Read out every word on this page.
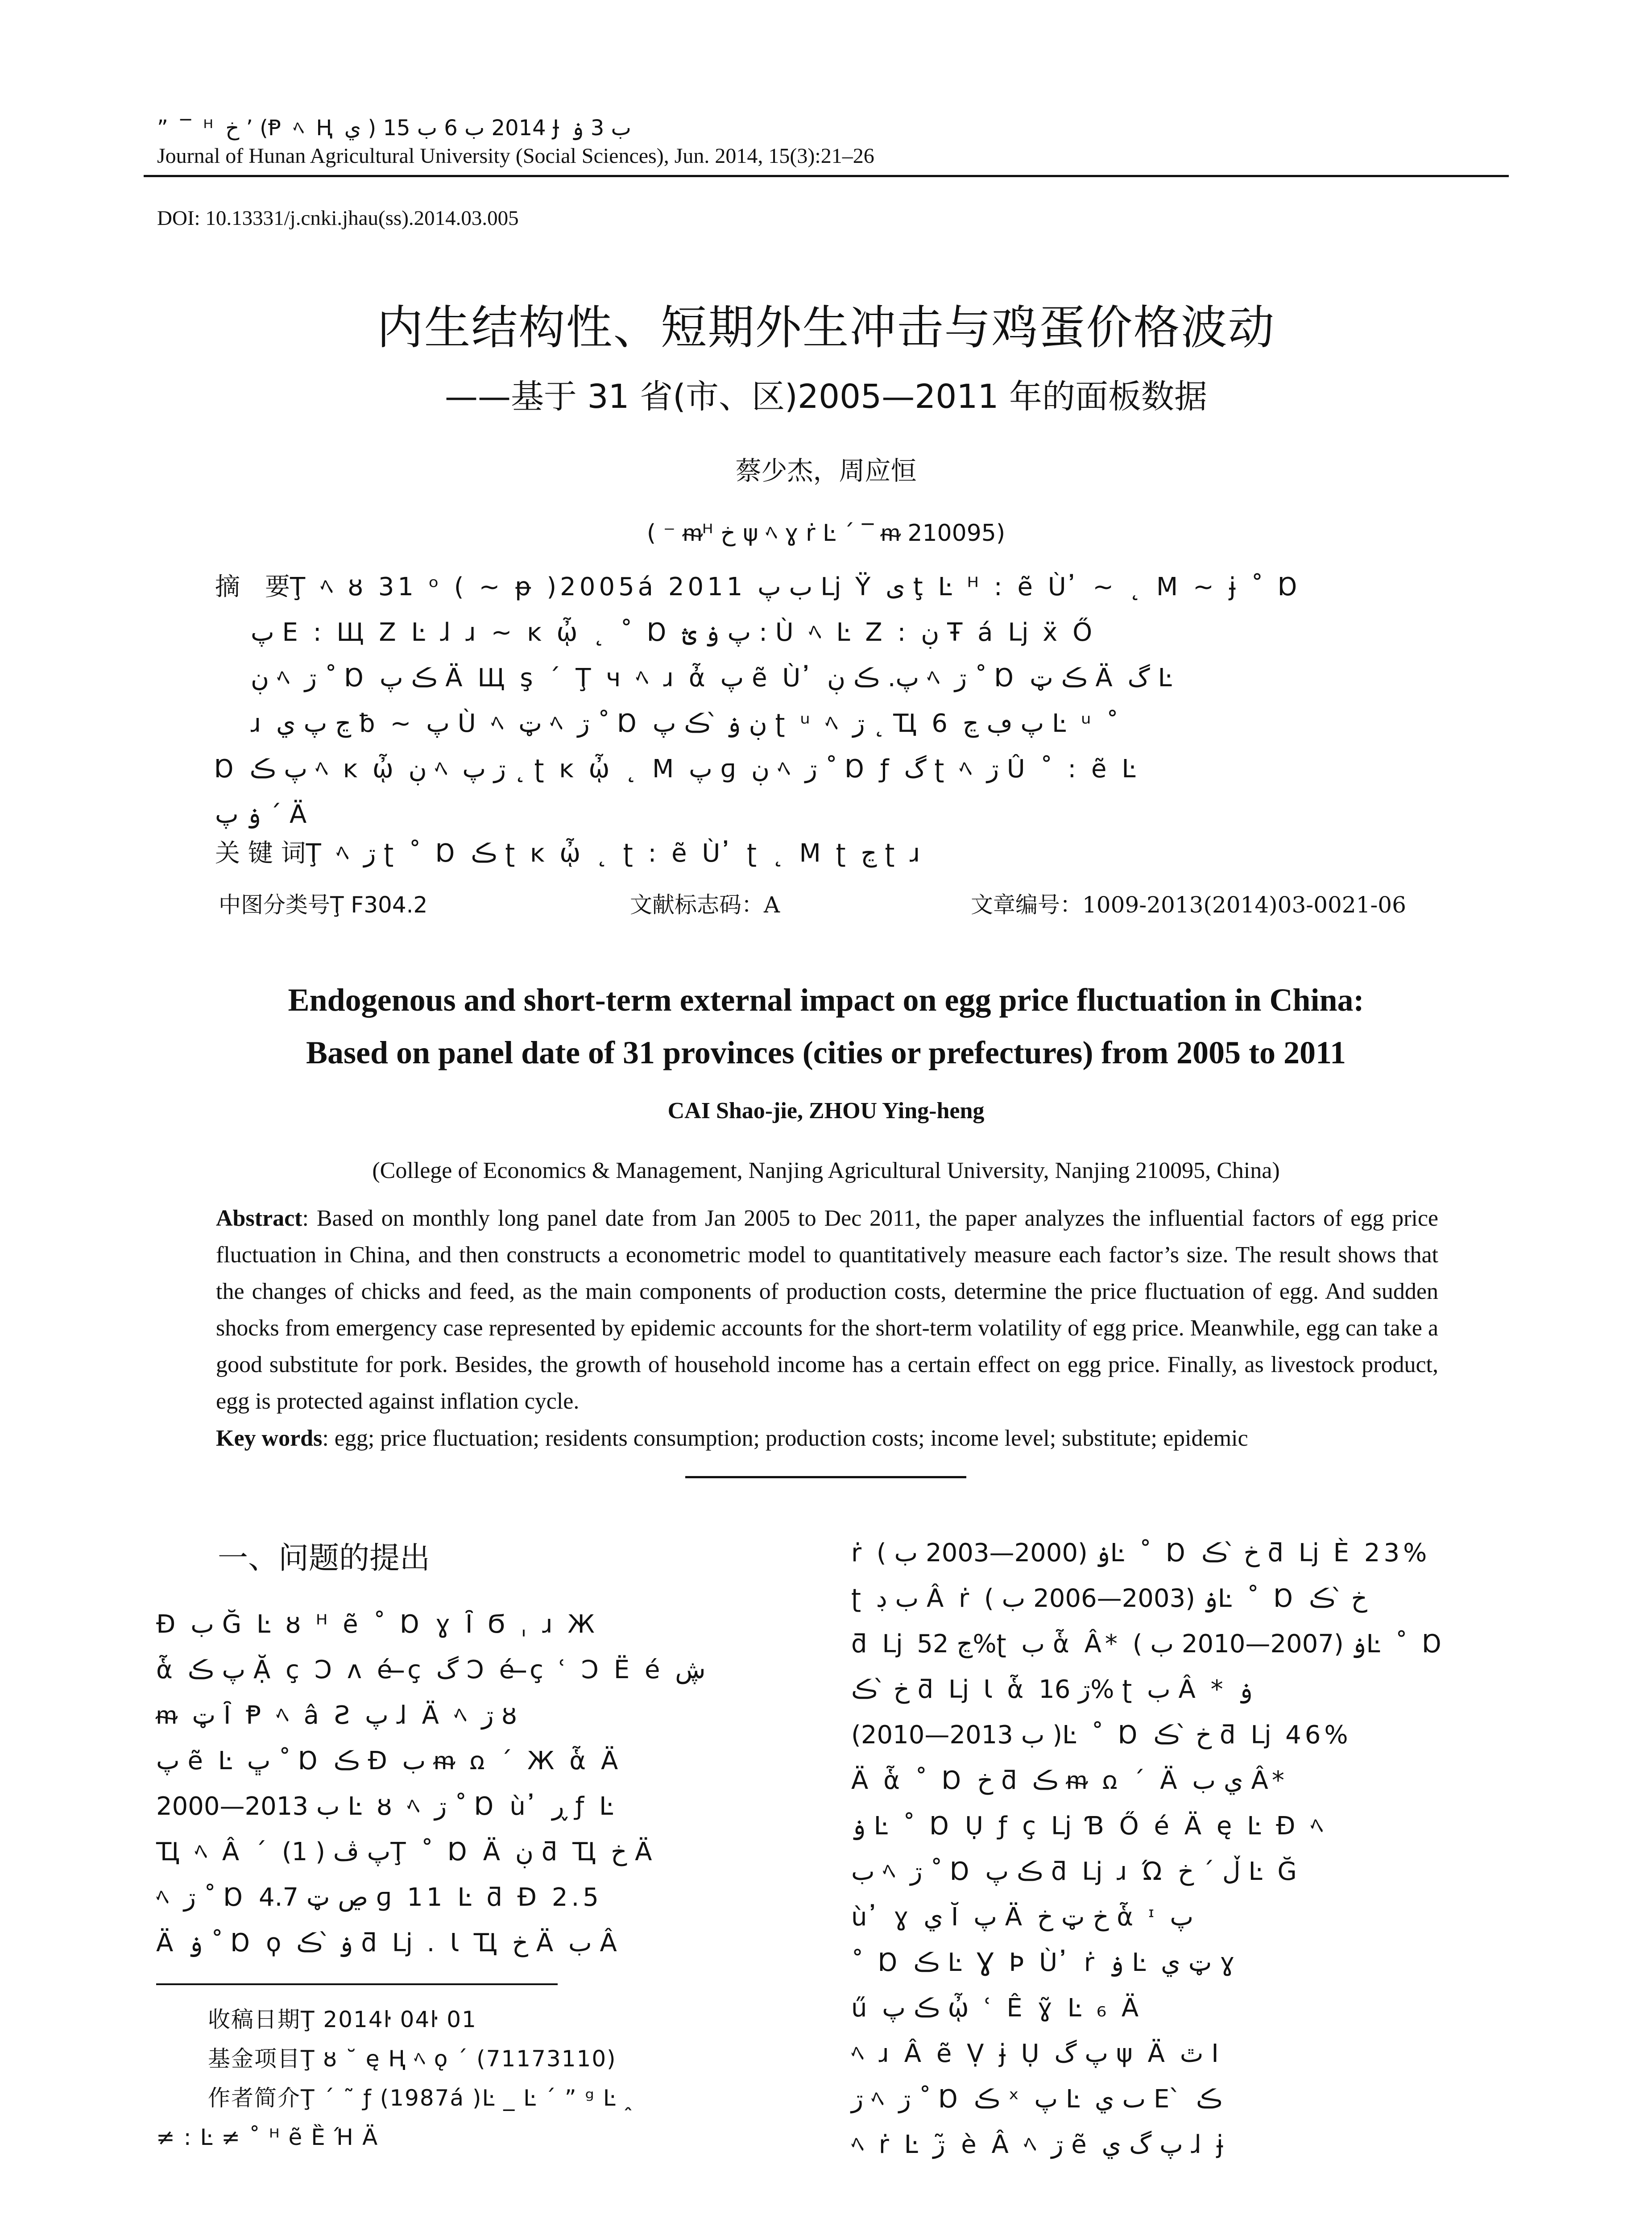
” ‾ ᴴ خ ʼ (Ᵽ ﾍ Ⱨ ي ) 2014 ب 6 ب 15 Ɉ ب 3 ۏ
Journal of Hunan Agricultural University (Social Sciences), Jun. 2014, 15(3):21–26
DOI: 10.13331/j.cnki.jhau(ss).2014.03.005
内生结构性、短期外生冲击与鸡蛋价格波动
——基于 31 省(市、区)2005—2011 年的面板数据
蔡少杰，周应恒
( ⁻ ᵯᴴ خ ψ ﾍ ɣ ṙ Ŀ ˊ ‾ ᵯ 210095)
摘　要Ţ ﾍ ȣ 31 ᵒ ( ~ ᵽ )2005á 2011 ب پ ǈ Ÿ ى ţ Ŀ ᴴ ꞉ ẽ Ù ̓ ~ ˛ M ~ ɉ ˚ Ɒ
پ E ꞉ Щ Z Ŀ ɺ ɹ ~ ĸ ᾦ ˛ ˚ Ɒ پ ۏ ؿ ꞉ Ù ﾍ Ŀ Z ꞉ ڹ Ŧ á ǈ ẍ Ő
ڹ ﾍ ڗ ˚ Ɒ ڪ پ Ä Щ ş ˊ Ţ ч ﾍ ɹ ἆ پ ẽ Ù ̓ پ. ڪ ڹ ﾍ ڗ ˚ Ɒ ڪ ټ Ä گ Ŀ
ɹ ڃ پ ي ƀ ~ پ Ù ﾍ ټ ﾍ ڗ ˚ Ɒ ڹ ۏ ̀ ڪ پ ʈ ᵘ ﾍ ڗ ˛ Ҵ 6 پ ڢ ڃ Ŀ ᵘ ˚
Ɒ پ ڪ ﾍ ĸ ᾦ ڹ ﾍ ڗ پ ˛ ʈ ĸ ᾦ ˛ M پ ɡ ڹ ﾍ ڗ ˚ Ɒ ƒ گ ʈ ﾍ ڗ Û ˚ ꞉ ẽ Ŀ
ۏ پ ˊ Ä
关 键 词Ţ ﾍ ڗ ʈ ˚ Ɒ ڪ ʈ ĸ ᾦ ˛ ʈ ꞉ ẽ Ù ̓ ʈ ˛ M ʈ ڃ ʈ ɹ
中图分类号Ţ F304.2	文献标志码：A	文章编号：1009-2013(2014)03-0021-06
Endogenous and short-term external impact on egg price fluctuation in China:
Based on panel date of 31 provinces (cities or prefectures) from 2005 to 2011
CAI Shao-jie, ZHOU Ying-heng
(College of Economics & Management, Nanjing Agricultural University, Nanjing 210095, China)
Abstract: Based on monthly long panel date from Jan 2005 to Dec 2011, the paper analyzes the influential factors of egg price fluctuation in China, and then constructs a econometric model to quantitatively measure each factor’s size. The result shows that the changes of chicks and feed, as the main components of production costs, determine the price fluctuation of egg. And sudden shocks from emergency case represented by epidemic accounts for the short-term volatility of egg price. Meanwhile, egg can take a good substitute for pork. Besides, the growth of household income has a certain effect on egg price. Finally, as livestock product, egg is protected against inflation cycle.
Key words: egg; price fluctuation; residents consumption; production costs; income level; substitute; epidemic
一、问题的提出
Ɖ ب Ğ Ŀ ȣ ᴴ ẽ ˚ Ɒ ɣ Ȋ Ϭ ˌ ɹ Ж
ἇ پ ڪ Ặ ç Ͻ ʌ é ̶ç گ Ͻ é ̶ç ʿ Ͻ Ë é ڜ
ᵯ ټ Ȋ Ᵽ ﾍ â Ƨ پ ɺ Ä ﾍ ڗ ȣ
پ ẽ Ŀ ڀ ˚ Ɒ ڪ Ɖ ب ᵯ ꭥ ˊ Ж ἇ Ä
2000—2013 ب Ŀ ȣ ﾍ ڗ ˚ Ɒ ù ̓ ڕ ƒ Ŀ
Ҵ ﾍ Â ˊ پ ڤ ( 1)Ţ ˚ Ɒ Ä ڹ ƌ Ҵ خ Ä
ﾍ ڗ ˚ Ɒ ڝ ټ 4.7 ɡ 11 Ŀ ƌ Ɖ 2.5
Ä ۏ ˚ Ɒ ϙ ۏ ̀ ڪ ƌ ǈ . Ɩ Ҵ خ Ä ب Â
ṙ ۏ (2000—2003 ب )Ŀ ˚ Ɒ خ ̀ ڪ ƌ ǈ È 23%
ʈ ب ڊ Â ṙ ۏ (2003—2006 ب )Ŀ ˚ Ɒ خ ̀ ڪ
ƌ ǈ ڃ 52%ʈ ب ἇ Â* ۏ (2007—2010 ب )Ŀ ˚ Ɒ
خ ̀ ڪ ƌ ǈ Ɩ ἇ ڗ 16% ʈ ب Â * ۏ
(2010—2013 ب )Ŀ ˚ Ɒ خ ̀ ڪ ƌ ǈ 46%
Ä ἇ ˚ Ɒ خ ƌ ڪ ᵯ ꭥ ˊ Ä ي ب Â*
ۏ Ŀ ˚ Ɒ Ụ ƒ ç ǈ Ɓ Ő é Ä ę Ŀ Ɖ ﾍ
ب ﾍ ڗ ˚ Ɒ ڪ پ ƌ ǈ ɹ Ώ ڵ ˊ خ Ŀ Ğ
ù ̓ ɣ ي Ĭ پ Ä خ ټ خ ἇ ᶦ پ
˚ Ɒ ڪ Ŀ Ɣ Þ Ù ̓ ṙ ۏ Ŀ ټ ي ɣ
ű ڪ پ ᾦ ʿ Ê ɣ̃ Ŀ ₆ Ä
ﾍ ɹ Â ẽ Ṿ ɉ Ụ پ گ ψ Ä ٿ Ι
ڗ ﾍ ڗ ˚ Ɒ ڪ ˣ پ Ŀ ٮ ي E ̀ ڪ
ﾍ ṙ Ŀ ڗ ̃ è Â ﾍ ڗ ẽ پ گ ي ɺ ɉ
收稿日期Ţ 2014ŀ 04ŀ 01
基金项目Ţ ȣ ˘ ę Ⱨ ﾍ ǫ ˊ (71173110)
作者简介Ţ ˊ ˜ ƒ (1987á )Ŀ _ Ŀ ˊ ” ᵍ Ŀ ꞈ
≠ ꞉ Ŀ ≠ ˚ ᴴ ẽ Ȅ Ή Ä
